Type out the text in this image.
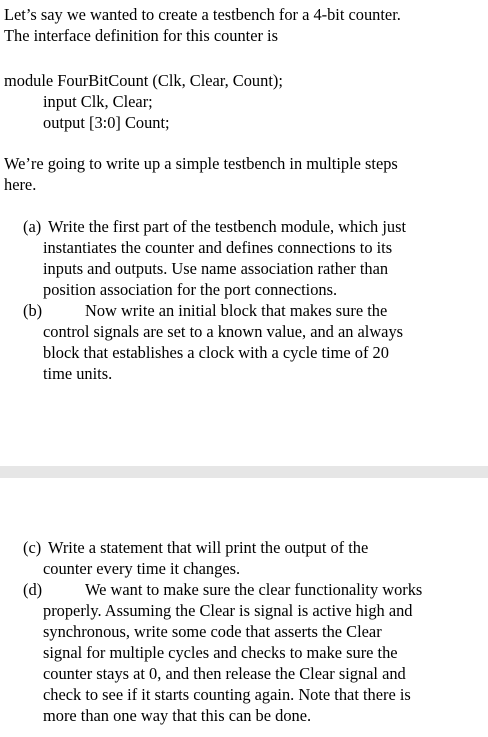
Let’s say we wanted to create a testbench for a 4-bit counter.
The interface definition for this counter is

module FourBitCount (Clk, Clear, Count);

input Clk, Clear;

output [3:0] Count;

We’re going to write up a simple testbench in multiple steps
here.

(a) Write the first part of the testbench module, which just
instantiates the counter and defines connections to its
inputs and outputs. Use name association rather than
position association for the port connections.
(b)	Now write an initial block that makes sure the
control signals are set to a known value, and an always
block that establishes a clock with a cycle time of 20
time units.
(c) Write a statement that will print the output of the
counter every time it changes.
(d)	We want to make sure the clear functionality works
properly. Assuming the Clear is signal is active high and
synchronous, write some code that asserts the Clear
signal for multiple cycles and checks to make sure the
counter stays at 0, and then release the Clear signal and
check to see if it starts counting again. Note that there is
more than one way that this can be done.
